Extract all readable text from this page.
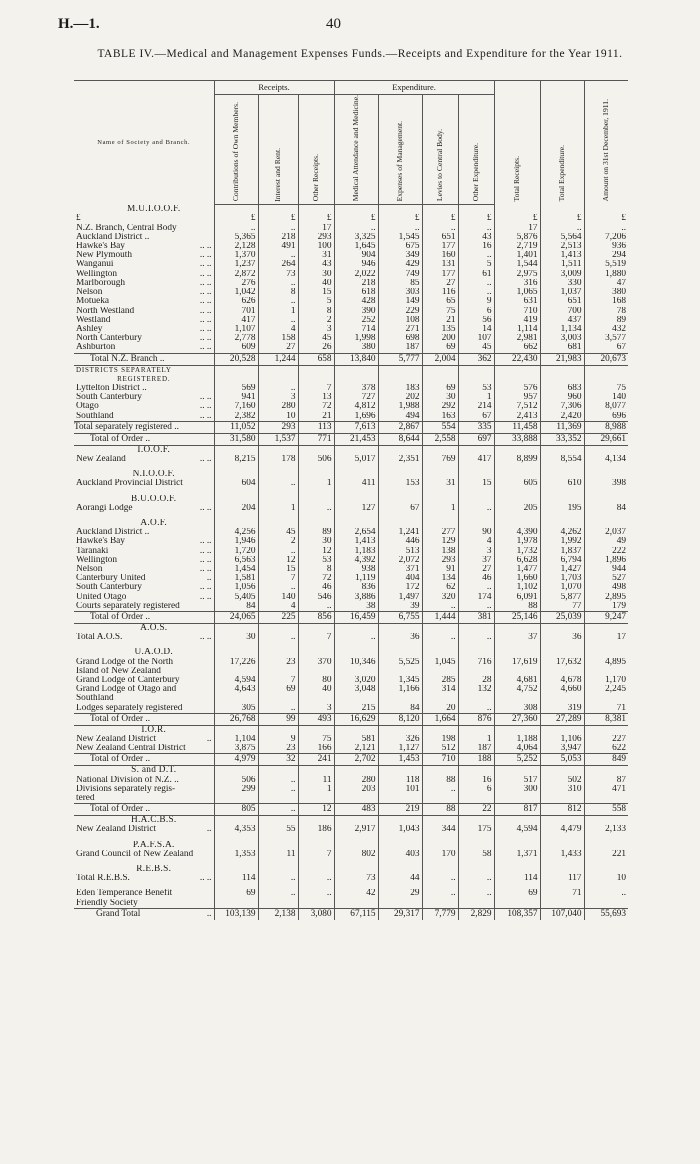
H.—1.	40
TABLE IV.—Medical and Management Expenses Funds.—Receipts and Expenditure for the Year 1911.
Name of Society and Branch.	Receipts.			Expenditure.				Total Receipts.	Total Expenditure.	Amount on 31st December, 1911.

	Contributions of Own Members.	Interest and Rent.	Other Receipts.	Medical Attendance and Medicine.	Expenses of Management.	Levies to Central Body.	Other Expenditure.			

M.U.I.O.O.F.										
£	£	£	£	£	£	£	£	£	£	£
N.Z. Branch, Central Body	..	..	17	..	..	..	..	17	..	..
Auckland District ..	5,365	218	293	3,325	1,545	651	43	5,876	5,564	7,206
Hawke's Bay .. ..	2,128	491	100	1,645	675	177	16	2,719	2,513	936
New Plymouth .. ..	1,370	..	31	904	349	160	..	1,401	1,413	294
Wanganui .. ..	1,237	264	43	946	429	131	5	1,544	1,511	5,519
Wellington .. ..	2,872	73	30	2,022	749	177	61	2,975	3,009	1,880
Marlborough .. ..	276	..	40	218	85	27	..	316	330	47
Nelson .. ..	1,042	8	15	618	303	116	..	1,065	1,037	380
Motueka .. ..	626	..	5	428	149	65	9	631	651	168
North Westland .. ..	701	1	8	390	229	75	6	710	700	78
Westland .. ..	417	..	2	252	108	21	56	419	437	89
Ashley .. ..	1,107	4	3	714	271	135	14	1,114	1,134	432
North Canterbury .. ..	2,778	158	45	1,998	698	200	107	2,981	3,003	3,577
Ashburton .. ..	609	27	26	380	187	69	45	662	681	67
Total N.Z. Branch ..	20,528	1,244	658	13,840	5,777	2,004	362	22,430	21,983	20,673
DISTRICTS SEPARATELY										
REGISTERED.										
Lyttelton District ..	569	..	7	378	183	69	53	576	683	75
South Canterbury .. ..	941	3	13	727	202	30	1	957	960	140
Otago .. ..	7,160	280	72	4,812	1,988	292	214	7,512	7,306	8,077
Southland .. ..	2,382	10	21	1,696	494	163	67	2,413	2,420	696
Total separately registered ..	11,052	293	113	7,613	2,867	554	335	11,458	11,369	8,988
Total of Order ..	31,580	1,537	771	21,453	8,644	2,558	697	33,888	33,352	29,661
I.O.O.F.										
New Zealand .. ..	8,215	178	506	5,017	2,351	769	417	8,899	8,554	4,134

N.I.O.O.F.										
Auckland Provincial District	604	..	1	411	153	31	15	605	610	398

B.U.O.O.F.										
Aorangi Lodge .. ..	204	1	..	127	67	1	..	205	195	84

A.O.F.										
Auckland District ..	4,256	45	89	2,654	1,241	277	90	4,390	4,262	2,037
Hawke's Bay .. ..	1,946	2	30	1,413	446	129	4	1,978	1,992	49
Taranaki .. ..	1,720	..	12	1,183	513	138	3	1,732	1,837	222
Wellington .. ..	6,563	12	53	4,392	2,072	293	37	6,628	6,794	1,896
Nelson .. ..	1,454	15	8	938	371	91	27	1,477	1,427	944
Canterbury United ..	1,581	7	72	1,119	404	134	46	1,660	1,703	527
South Canterbury .. ..	1,056	..	46	836	172	62	..	1,102	1,070	498
United Otago .. ..	5,405	140	546	3,886	1,497	320	174	6,091	5,877	2,895
Courts separately registered	84	4	..	38	39	..	..	88	77	179
Total of Order ..	24,065	225	856	16,459	6,755	1,444	381	25,146	25,039	9,247
A.O.S.										
Total A.O.S. .. ..	30	..	7	..	36	..	..	37	36	17

U.A.O.D.										
Grand Lodge of the North	17,226	23	370	10,346	5,525	1,045	716	17,619	17,632	4,895
Island of New Zealand										
Grand Lodge of Canterbury	4,594	7	80	3,020	1,345	285	28	4,681	4,678	1,170
Grand Lodge of Otago and	4,643	69	40	3,048	1,166	314	132	4,752	4,660	2,245
Southland										
Lodges separately registered	305	..	3	215	84	20	..	308	319	71
Total of Order ..	26,768	99	493	16,629	8,120	1,664	876	27,360	27,289	8,381
I.O.R.										
New Zealand District ..	1,104	9	75	581	326	198	1	1,188	1,106	227
New Zealand Central District	3,875	23	166	2,121	1,127	512	187	4,064	3,947	622
Total of Order ..	4,979	32	241	2,702	1,453	710	188	5,252	5,053	849
S. and D.T.										
National Division of N.Z. ..	506	..	11	280	118	88	16	517	502	87
Divisions separately regis-	299	..	1	203	101	..	6	300	310	471
tered										
Total of Order ..	805	..	12	483	219	88	22	817	812	558
H.A.C.B.S.										
New Zealand District ..	4,353	55	186	2,917	1,043	344	175	4,594	4,479	2,133

P.A.F.S.A.										
Grand Council of New Zealand	1,353	11	7	802	403	170	58	1,371	1,433	221

R.E.B.S.										
Total R.E.B.S. .. ..	114	..	..	73	44	..	..	114	117	10

Eden Temperance Benefit	69	..	..	42	29	..	..	69	71	..
Friendly Society										
Grand Total ..	103,139	2,138	3,080	67,115	29,317	7,779	2,829	108,357	107,040	55,693
